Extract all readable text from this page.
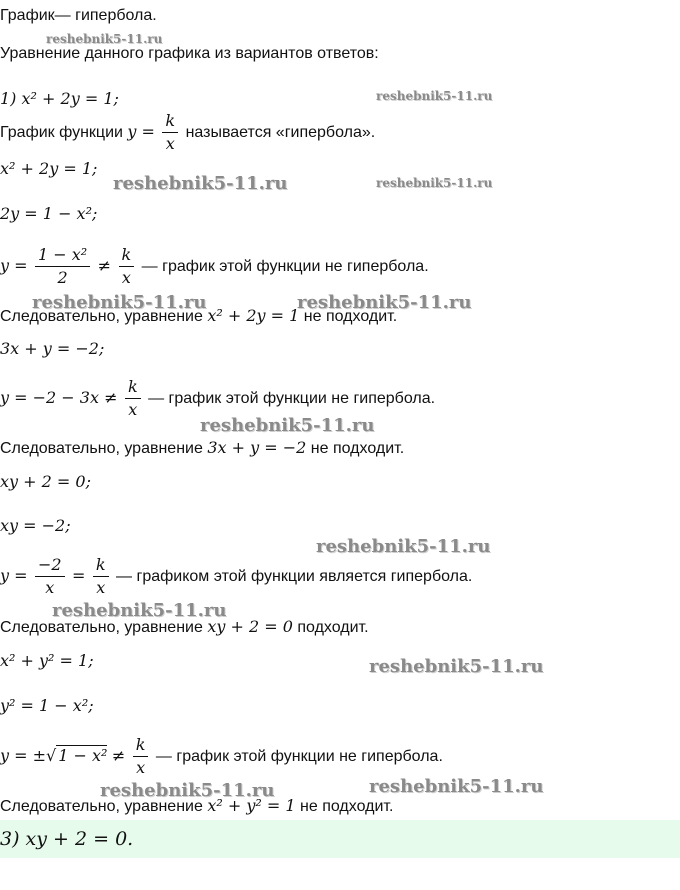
График— гипербола.
Уравнение данного графика из вариантов ответов:
1) x² + 2y = 1;
График функции $y = \frac{k}{x}$ называется «гипербола».
x² + 2y = 1;
2y = 1 − x²;
$y = \frac{\text{1 − x²}}{2} \ne \frac{k}{x}$ — график этой функции не гипербола.
Следовательно, уравнение x² + 2y = 1 не подходит.
3x + y = −2;
$y = -2 - 3x \ne \frac{k}{x}$ — график этой функции не гипербола.
Следовательно, уравнение 3x + y = −2 не подходит.
xy + 2 = 0;
xy = −2;
$y = \frac{-2}{x} = \frac{k}{x}$ — графиком этой функции является гипербола.
Следовательно, уравнение xy + 2 = 0 подходит.
x² + y² = 1;
y² = 1 − x²;
y = ±√ $1 - x^2 \ne \frac{k}{x}$ — график этой функции не гипербола.
Следовательно, уравнение x² + y² = 1 не подходит.
3) xy + 2 = 0.
reshebnik5-11.ru
reshebnik5-11.ru
reshebnik5-11.ru	reshebnik5-11.ru
reshebnik5-11.ru	reshebnik5-11.ru
reshebnik5-11.ru
reshebnik5-11.ru
reshebnik5-11.ru
reshebnik5-11.ru
reshebnik5-11.ru	reshebnik5-11.ru
